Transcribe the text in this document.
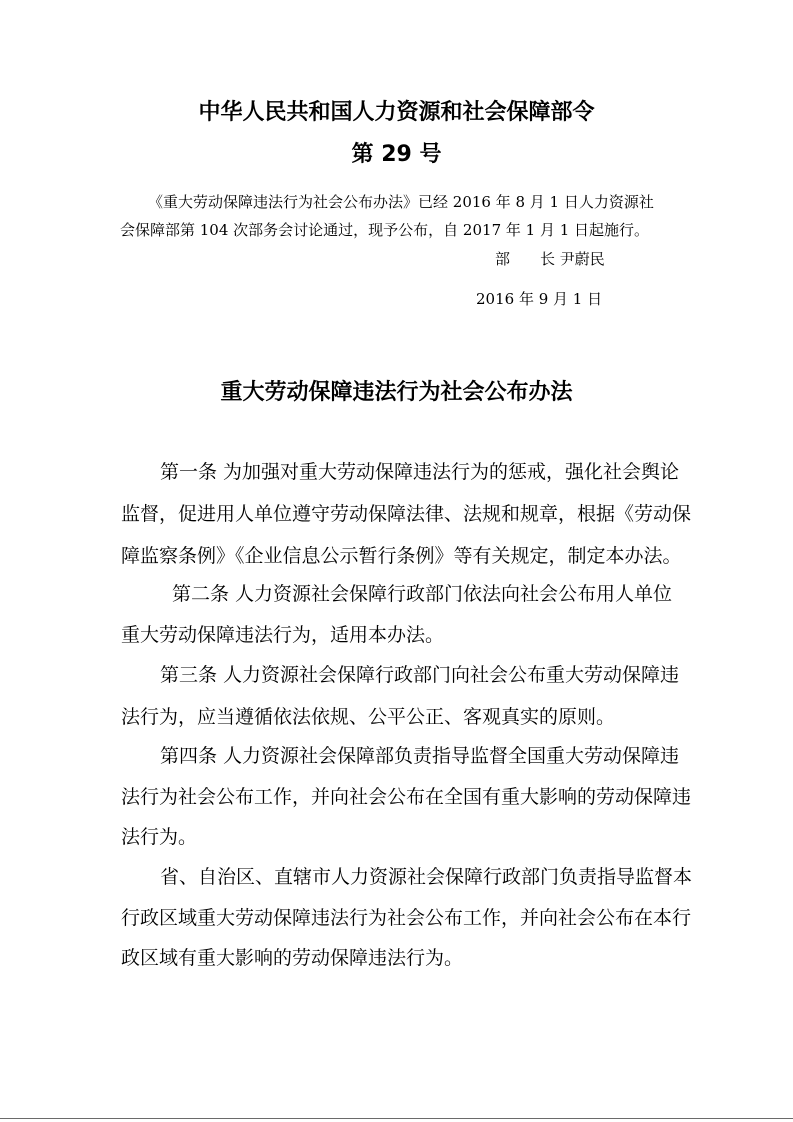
中华人民共和国人力资源和社会保障部令
第 29 号
《重大劳动保障违法行为社会公布办法》已经 2016 年 8 月 1 日人力资源社
会保障部第 104 次部务会讨论通过，现予公布，自 2017 年 1 月 1 日起施行。
部　　长 尹蔚民
2016 年 9 月 1 日
重大劳动保障违法行为社会公布办法
第一条 为加强对重大劳动保障违法行为的惩戒，强化社会舆论
监督，促进用人单位遵守劳动保障法律、法规和规章，根据《劳动保
障监察条例》《企业信息公示暂行条例》等有关规定，制定本办法。
第二条 人力资源社会保障行政部门依法向社会公布用人单位
重大劳动保障违法行为，适用本办法。
第三条 人力资源社会保障行政部门向社会公布重大劳动保障违
法行为，应当遵循依法依规、公平公正、客观真实的原则。
第四条 人力资源社会保障部负责指导监督全国重大劳动保障违
法行为社会公布工作，并向社会公布在全国有重大影响的劳动保障违
法行为。
省、自治区、直辖市人力资源社会保障行政部门负责指导监督本
行政区域重大劳动保障违法行为社会公布工作，并向社会公布在本行
政区域有重大影响的劳动保障违法行为。
